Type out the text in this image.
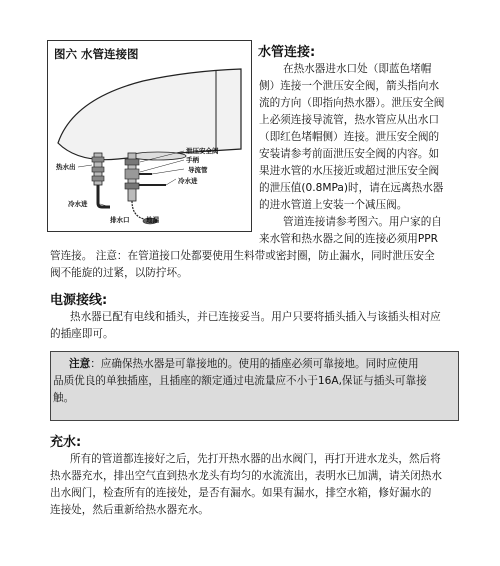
图六 水管连接图
泄压安全阀
手柄
导流管
冷水进
热水出
冷水进
排水口	地漏
水管连接:
在热水器进水口处（即蓝色堵帽
侧）连接一个泄压安全阀，箭头指向水
流的方向（即指向热水器）。泄压安全阀
上必须连接导流管，热水管应从出水口
（即红色堵帽侧）连接。泄压安全阀的
安装请参考前面泄压安全阀的内容。如
果进水管的水压接近或超过泄压安全阀
的泄压值(0.8MPa)时，请在远离热水器
的进水管道上安装一个减压阀。
管道连接请参考图六。用户家的自
来水管和热水器之间的连接必须用PPR
管连接。 注意：在管道接口处都要使用生料带或密封圈，防止漏水，同时泄压安全
阀不能旋的过紧，以防拧坏。
电源接线:
热水器已配有电线和插头，并已连接妥当。用户只要将插头插入与该插头相对应
的插座即可。
注意：应确保热水器是可靠接地的。使用的插座必须可靠接地。同时应使用
品质优良的单独插座，且插座的额定通过电流量应不小于16A,保证与插头可靠接
触。
充水:
所有的管道都连接好之后，先打开热水器的出水阀门，再打开进水龙头，然后将
热水器充水，排出空气直到热水龙头有均匀的水流流出，表明水已加满，请关闭热水
出水阀门，检查所有的连接处，是否有漏水。如果有漏水，排空水箱，修好漏水的
连接处，然后重新给热水器充水。
